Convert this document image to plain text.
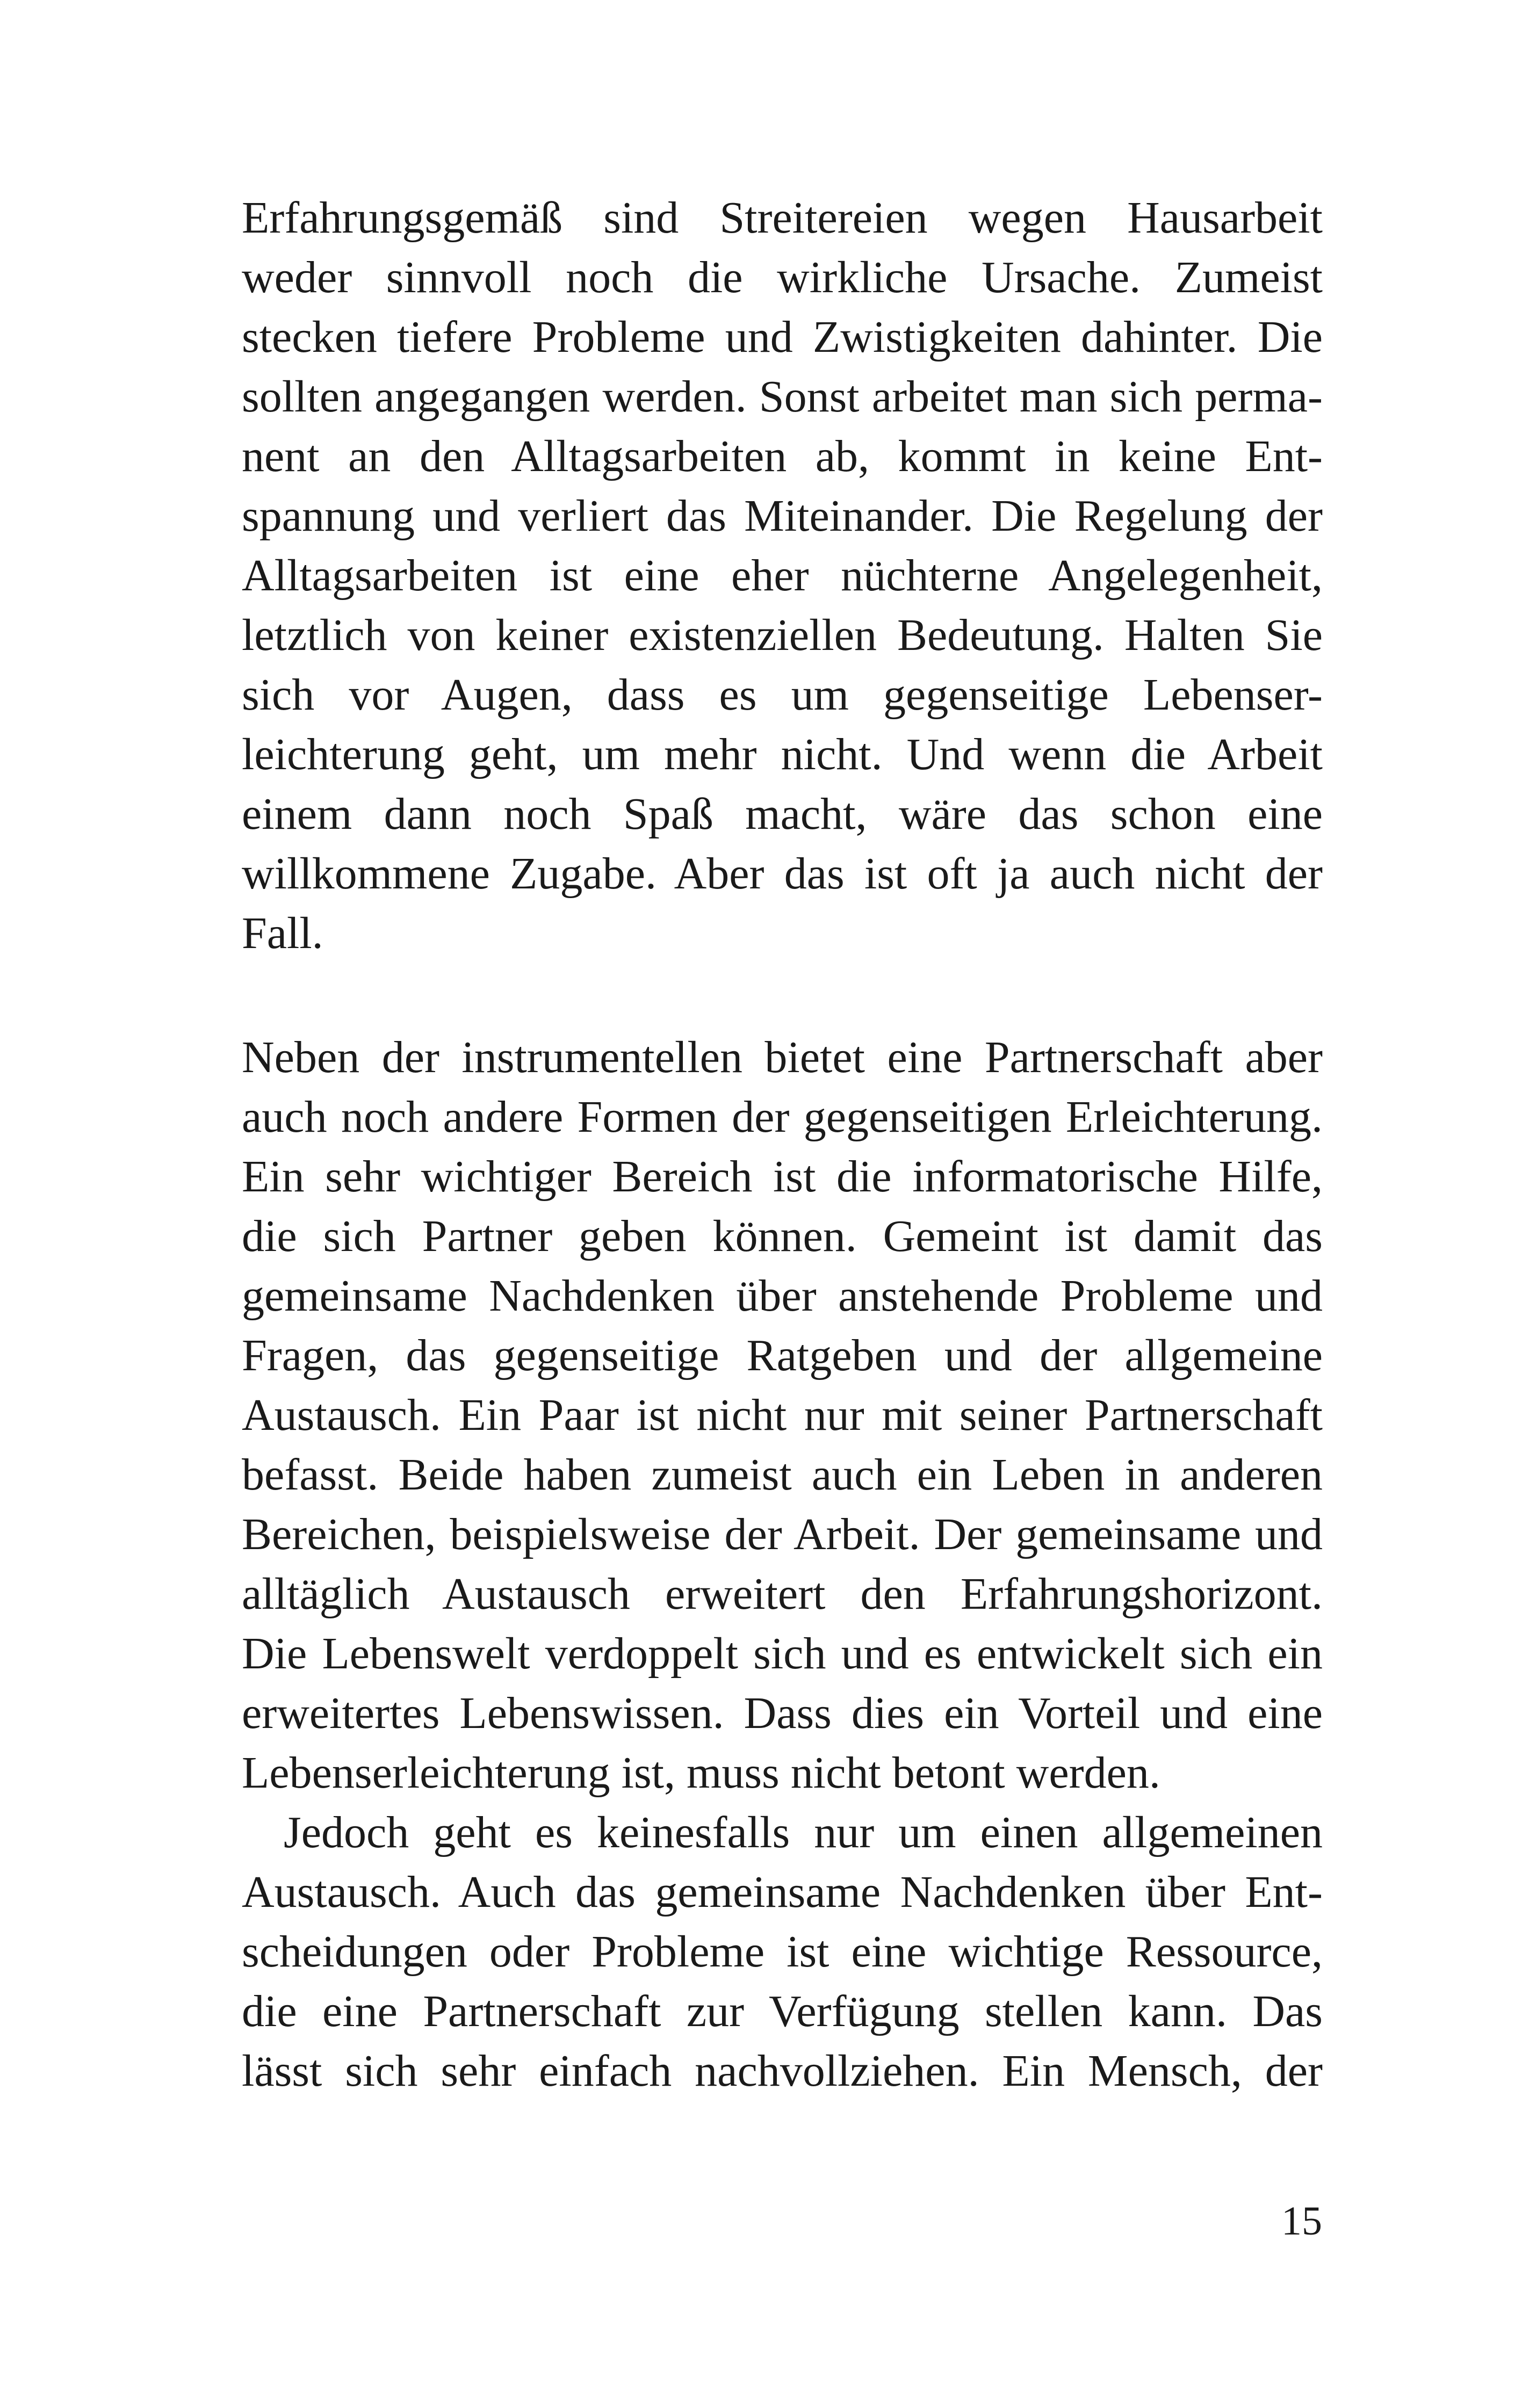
Erfahrungsgemäß sind Streitereien wegen Hausarbeit
weder sinnvoll noch die wirkliche Ursache. Zumeist
stecken tiefere Probleme und Zwistigkeiten dahinter. Die
sollten angegangen werden. Sonst arbeitet man sich perma-
nent an den Alltagsarbeiten ab, kommt in keine Ent-
spannung und verliert das Miteinander. Die Regelung der
Alltagsarbeiten ist eine eher nüchterne Angelegenheit,
letztlich von keiner existenziellen Bedeutung. Halten Sie
sich vor Augen, dass es um gegenseitige Lebenser-
leichterung geht, um mehr nicht. Und wenn die Arbeit
einem dann noch Spaß macht, wäre das schon eine
willkommene Zugabe. Aber das ist oft ja auch nicht der
Fall.
Neben der instrumentellen bietet eine Partnerschaft aber
auch noch andere Formen der gegenseitigen Erleichterung.
Ein sehr wichtiger Bereich ist die informatorische Hilfe,
die sich Partner geben können. Gemeint ist damit das
gemeinsame Nachdenken über anstehende Probleme und
Fragen, das gegenseitige Ratgeben und der allgemeine
Austausch. Ein Paar ist nicht nur mit seiner Partnerschaft
befasst. Beide haben zumeist auch ein Leben in anderen
Bereichen, beispielsweise der Arbeit. Der gemeinsame und
alltäglich Austausch erweitert den Erfahrungshorizont.
Die Lebenswelt verdoppelt sich und es entwickelt sich ein
erweitertes Lebenswissen. Dass dies ein Vorteil und eine
Lebenserleichterung ist, muss nicht betont werden.
Jedoch geht es keinesfalls nur um einen allgemeinen
Austausch. Auch das gemeinsame Nachdenken über Ent-
scheidungen oder Probleme ist eine wichtige Ressource,
die eine Partnerschaft zur Verfügung stellen kann. Das
lässt sich sehr einfach nachvollziehen. Ein Mensch, der
15
